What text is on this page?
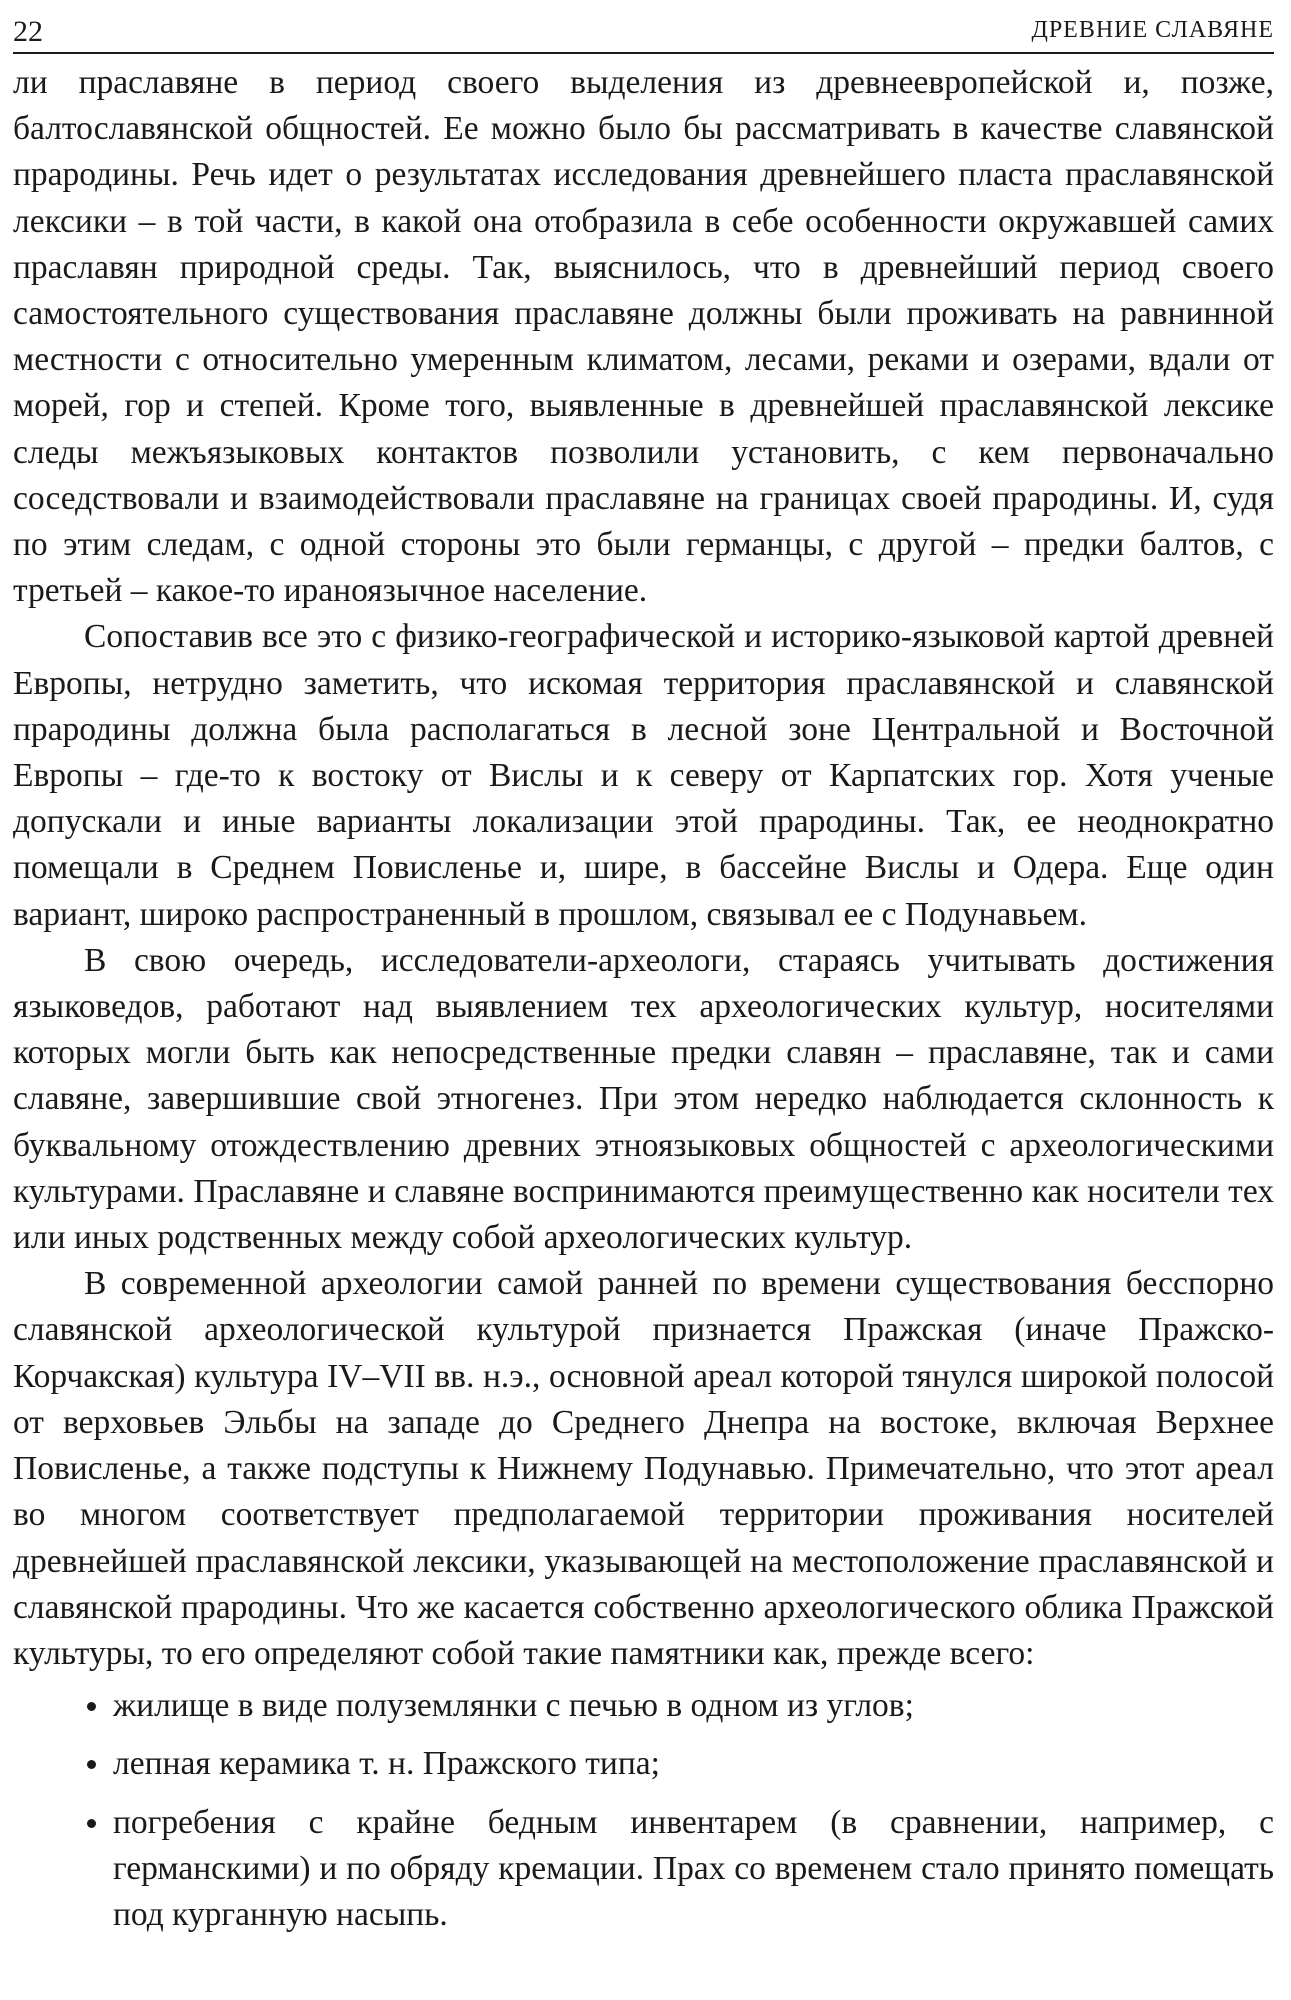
22	ДРЕВНИЕ СЛАВЯНЕ

ли праславяне в период своего выделения из древнеевропейской и, позже, балтославянской общностей. Ее можно было бы рассматривать в качестве славянской прародины. Речь идет о результатах исследования древнейшего пласта праславянской лексики – в той части, в какой она отобразила в себе особенности окружавшей самих праславян природной среды. Так, выяснилось, что в древнейший период своего самостоятельного существования праславяне должны были проживать на равнинной местности с относительно умеренным климатом, лесами, реками и озерами, вдали от морей, гор и степей. Кроме того, выявленные в древнейшей праславянской лексике следы межъязыковых контактов позволили установить, с кем первоначально соседствовали и взаимодействовали праславяне на границах своей прародины. И, судя по этим следам, с одной стороны это были германцы, с другой – предки балтов, с третьей – какое-то ираноязычное население.

Сопоставив все это с физико-географической и историко-языковой картой древней Европы, нетрудно заметить, что искомая территория праславянской и славянской прародины должна была располагаться в лесной зоне Центральной и Восточной Европы – где-то к востоку от Вислы и к северу от Карпатских гор. Хотя ученые допускали и иные варианты локализации этой прародины. Так, ее неоднократно помещали в Среднем Повисленье и, шире, в бассейне Вислы и Одера. Еще один вариант, широко распространенный в прошлом, связывал ее с Подунавьем.

В свою очередь, исследователи-археологи, стараясь учитывать достижения языковедов, работают над выявлением тех археологических культур, носителями которых могли быть как непосредственные предки славян – праславяне, так и сами славяне, завершившие свой этногенез. При этом нередко наблюдается склонность к буквальному отождествлению древних этноязыковых общностей с археологическими культурами. Праславяне и славяне воспринимаются преимущественно как носители тех или иных родственных между собой археологических культур.

В современной археологии самой ранней по времени существования бесспорно славянской археологической культурой признается Пражская (иначе Пражско-Корчакская) культура IV–VII вв. н.э., основной ареал которой тянулся широкой полосой от верховьев Эльбы на западе до Среднего Днепра на востоке, включая Верхнее Повисленье, а также подступы к Нижнему Подунавью. Примечательно, что этот ареал во многом соответствует предполагаемой территории проживания носителей древнейшей праславянской лексики, указывающей на местоположение праславянской и славянской прародины. Что же касается собственно археологического облика Пражской культуры, то его определяют собой такие памятники как, прежде всего:

жилище в виде полуземлянки с печью в одном из углов;
лепная керамика т. н. Пражского типа;
погребения с крайне бедным инвентарем (в сравнении, например, с германскими) и по обряду кремации. Прах со временем стало принято помещать под курганную насыпь.
